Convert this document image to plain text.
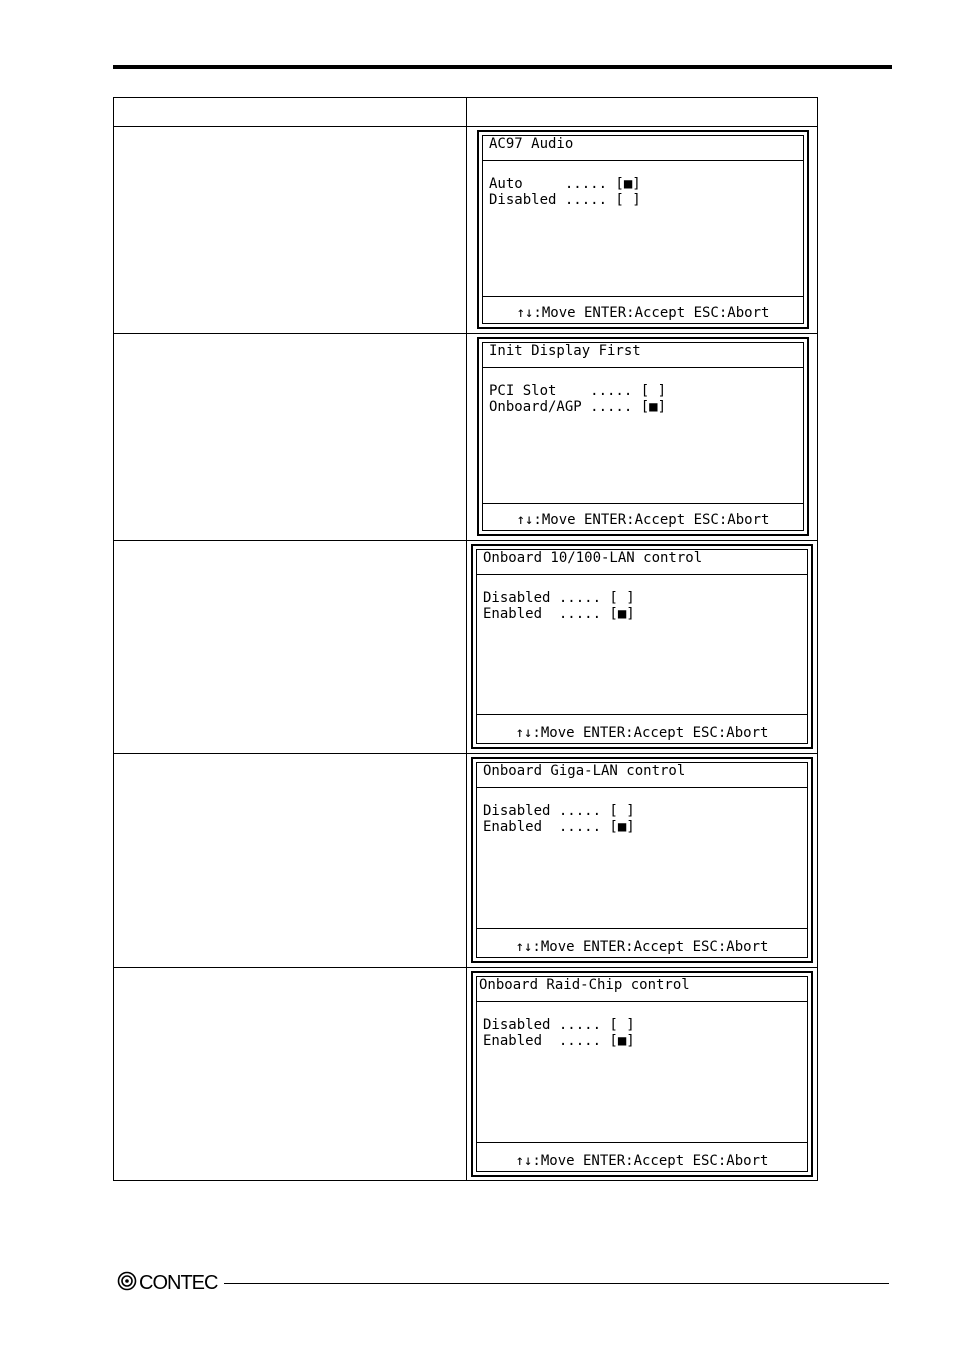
AC97 Audio
Auto     ..... [■]
Disabled ..... [ ]
↑↓:Move ENTER:Accept ESC:Abort
Init Display First
PCI Slot    ..... [ ]
Onboard/AGP ..... [■]
↑↓:Move ENTER:Accept ESC:Abort
Onboard 10/100-LAN control
Disabled ..... [ ]
Enabled  ..... [■]
↑↓:Move ENTER:Accept ESC:Abort
Onboard Giga-LAN control
Disabled ..... [ ]
Enabled  ..... [■]
↑↓:Move ENTER:Accept ESC:Abort
Onboard Raid-Chip control
Disabled ..... [ ]
Enabled  ..... [■]
↑↓:Move ENTER:Accept ESC:Abort
CONTEC
